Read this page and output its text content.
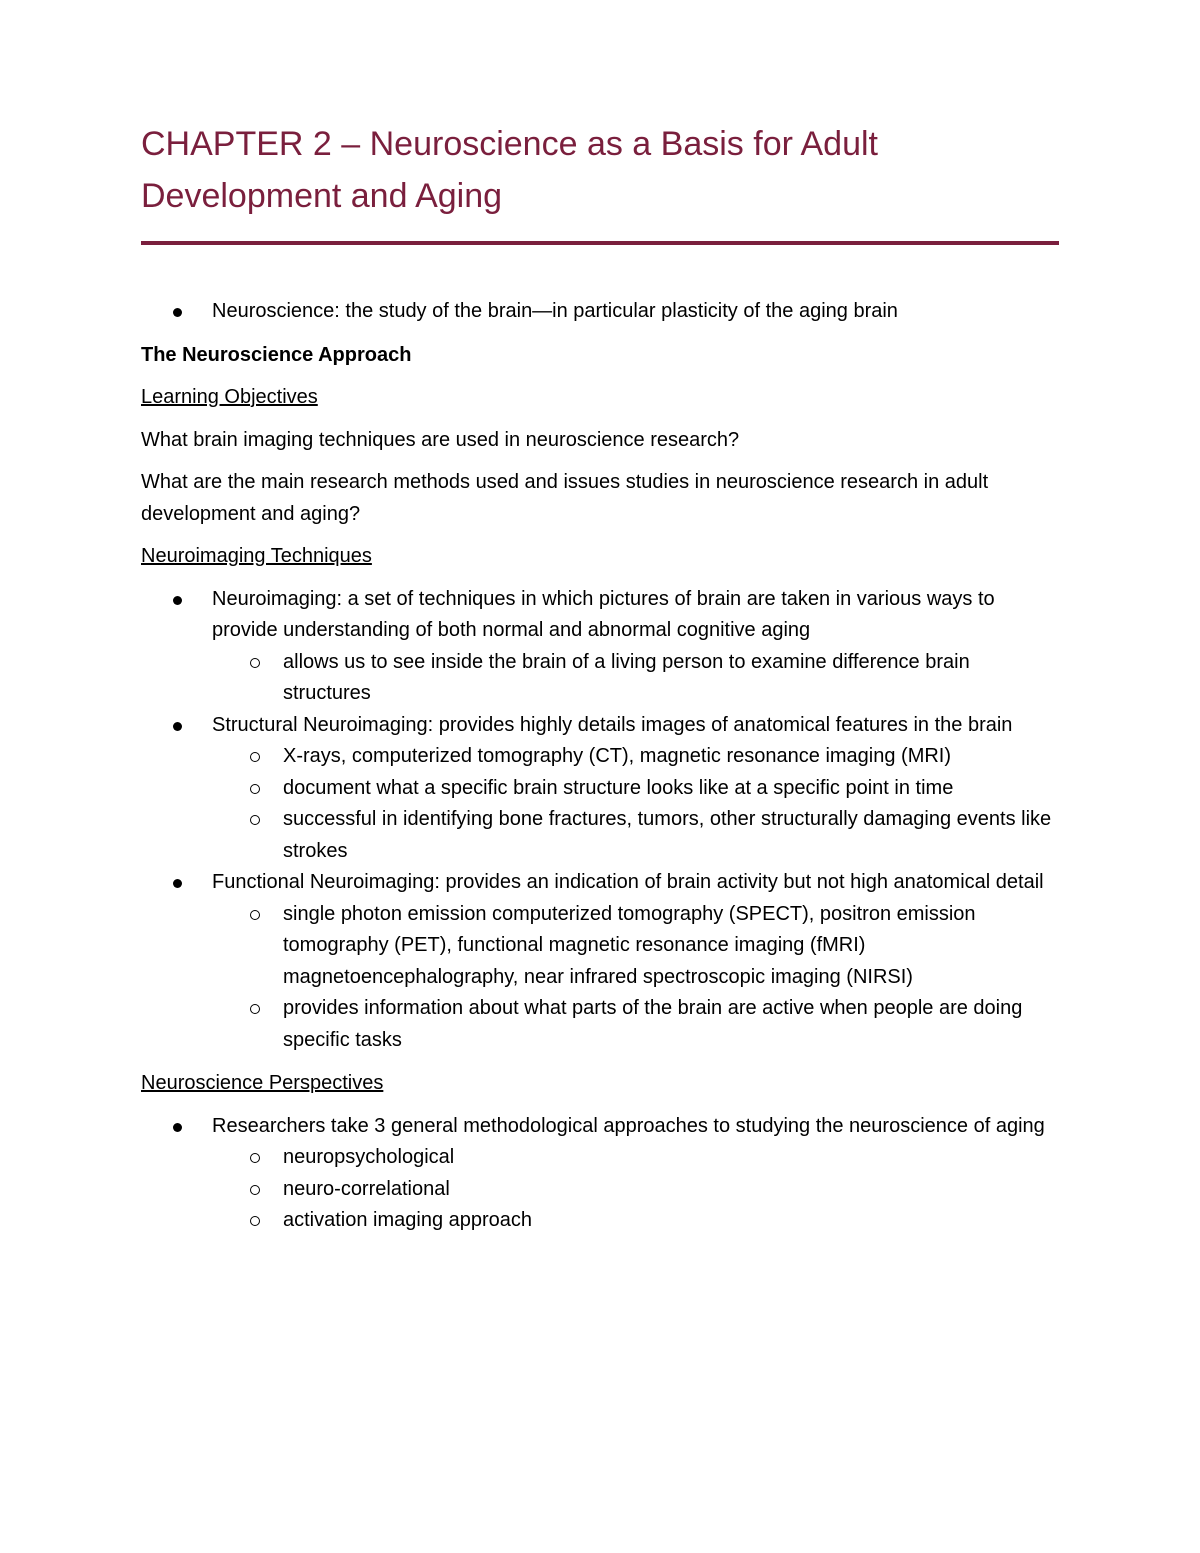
CHAPTER 2 – Neuroscience as a Basis for Adult
Development and Aging
Neuroscience: the study of the brain—in particular plasticity of the aging brain

The Neuroscience Approach

Learning Objectives

What brain imaging techniques are used in neuroscience research?

What are the main research methods used and issues studies in neuroscience research in adult development and aging?

Neuroimaging Techniques

Neuroimaging: a set of techniques in which pictures of brain are taken in various ways to provide understanding of both normal and abnormal cognitive aging
allows us to see inside the brain of a living person to examine difference brain structures
Structural Neuroimaging: provides highly details images of anatomical features in the brain
X-rays, computerized tomography (CT), magnetic resonance imaging (MRI)
document what a specific brain structure looks like at a specific point in time
successful in identifying bone fractures, tumors, other structurally damaging events like strokes
Functional Neuroimaging: provides an indication of brain activity but not high anatomical detail
single photon emission computerized tomography (SPECT), positron emission tomography (PET), functional magnetic resonance imaging (fMRI) magnetoencephalography, near infrared spectroscopic imaging (NIRSI)
provides information about what parts of the brain are active when people are doing specific tasks

Neuroscience Perspectives

Researchers take 3 general methodological approaches to studying the neuroscience of aging
neuropsychological
neuro-correlational
activation imaging approach
